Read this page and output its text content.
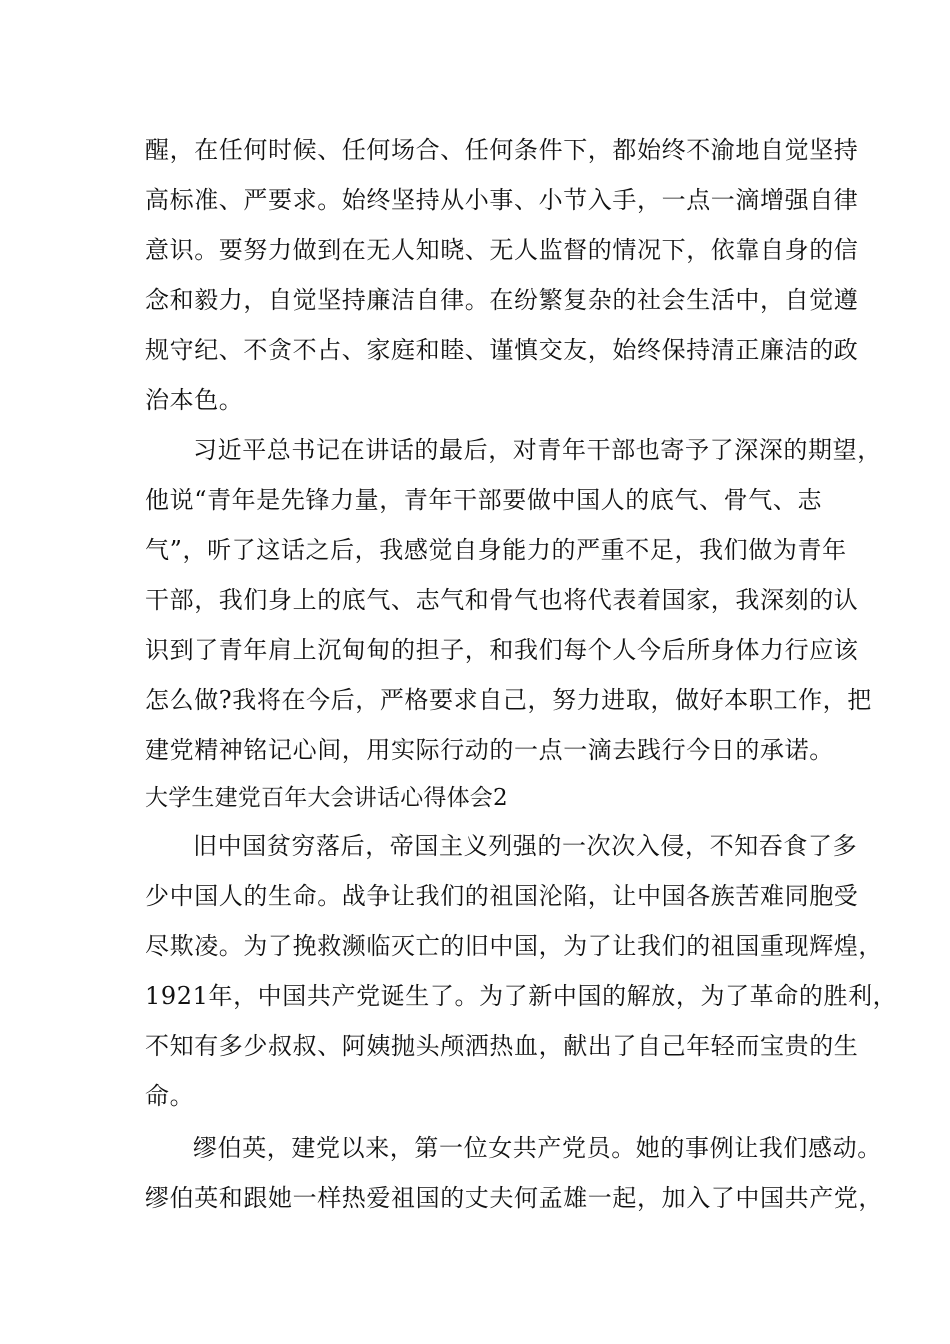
醒，在任何时候、任何场合、任何条件下，都始终不渝地自觉坚持
高标准、严要求。始终坚持从小事、小节入手，一点一滴增强自律
意识。要努力做到在无人知晓、无人监督的情况下，依靠自身的信
念和毅力，自觉坚持廉洁自律。在纷繁复杂的社会生活中，自觉遵
规守纪、不贪不占、家庭和睦、谨慎交友，始终保持清正廉洁的政
治本色。
习近平总书记在讲话的最后，对青年干部也寄予了深深的期望，
他说“青年是先锋力量，青年干部要做中国人的底气、骨气、志
气”，听了这话之后，我感觉自身能力的严重不足，我们做为青年
干部，我们身上的底气、志气和骨气也将代表着国家，我深刻的认
识到了青年肩上沉甸甸的担子，和我们每个人今后所身体力行应该
怎么做?我将在今后，严格要求自己，努力进取，做好本职工作，把
建党精神铭记心间，用实际行动的一点一滴去践行今日的承诺。
大学生建党百年大会讲话心得体会2
旧中国贫穷落后，帝国主义列强的一次次入侵，不知吞食了多
少中国人的生命。战争让我们的祖国沦陷，让中国各族苦难同胞受
尽欺凌。为了挽救濒临灭亡的旧中国，为了让我们的祖国重现辉煌，
1921年，中国共产党诞生了。为了新中国的解放，为了革命的胜利，
不知有多少叔叔、阿姨抛头颅洒热血，献出了自己年轻而宝贵的生
命。
缪伯英，建党以来，第一位女共产党员。她的事例让我们感动。
缪伯英和跟她一样热爱祖国的丈夫何孟雄一起，加入了中国共产党，
